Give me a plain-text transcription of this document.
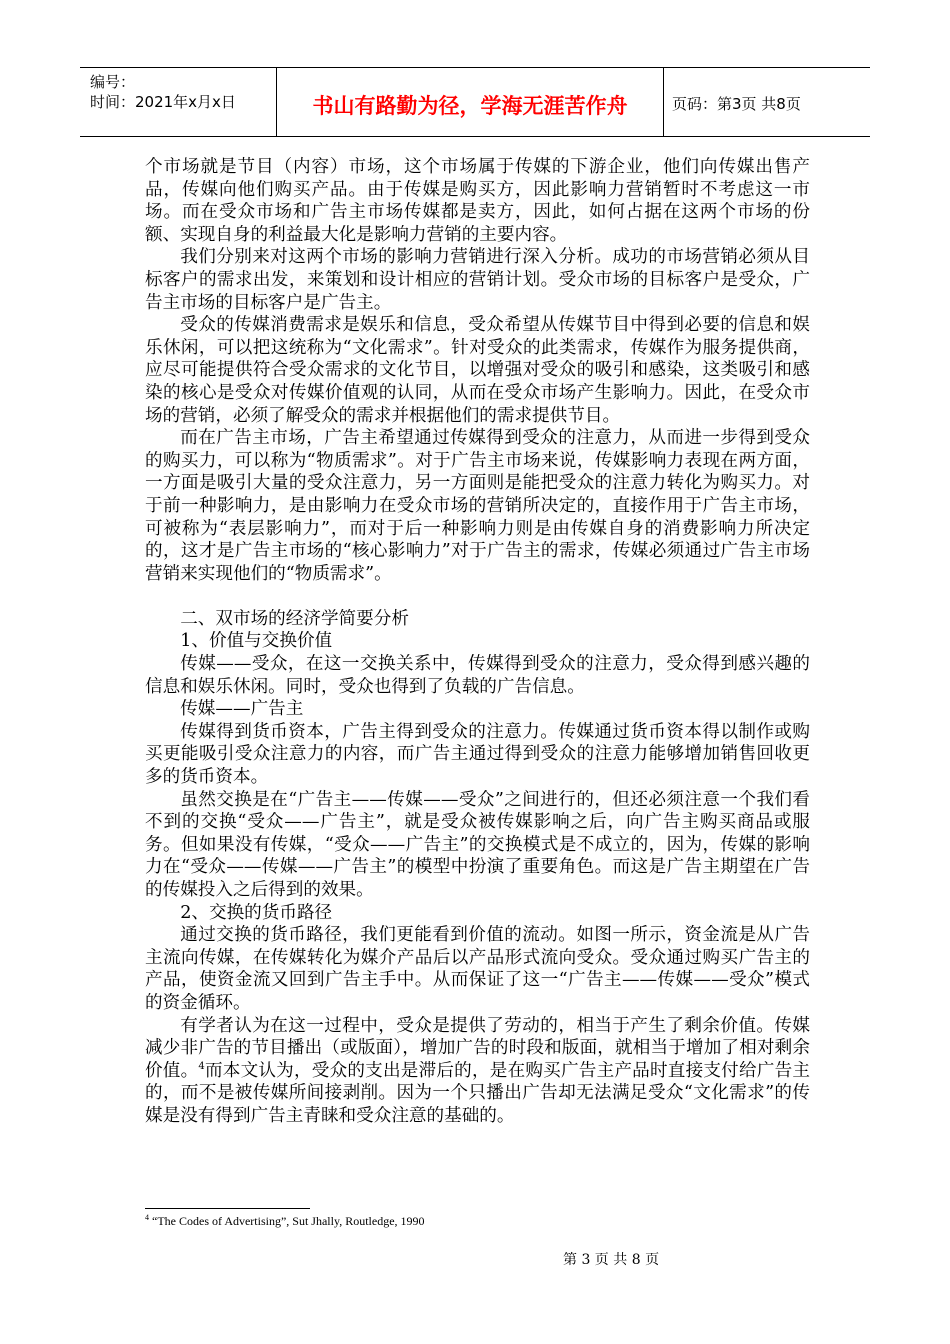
编号：
时间：2021年x月x日	书山有路勤为径，学海无涯苦作舟	页码：第3页 共8页

个市场就是节目（内容）市场，这个市场属于传媒的下游企业，他们向传媒出售产品，传媒向他们购买产品。由于传媒是购买方，因此影响力营销暂时不考虑这一市场。而在受众市场和广告主市场传媒都是卖方，因此，如何占据在这两个市场的份额、实现自身的利益最大化是影响力营销的主要内容。

我们分别来对这两个市场的影响力营销进行深入分析。成功的市场营销必须从目标客户的需求出发，来策划和设计相应的营销计划。受众市场的目标客户是受众，广告主市场的目标客户是广告主。

受众的传媒消费需求是娱乐和信息，受众希望从传媒节目中得到必要的信息和娱乐休闲，可以把这统称为“文化需求”。针对受众的此类需求，传媒作为服务提供商，应尽可能提供符合受众需求的文化节目，以增强对受众的吸引和感染，这类吸引和感染的核心是受众对传媒价值观的认同，从而在受众市场产生影响力。因此，在受众市场的营销，必须了解受众的需求并根据他们的需求提供节目。

而在广告主市场，广告主希望通过传媒得到受众的注意力，从而进一步得到受众的购买力，可以称为“物质需求”。对于广告主市场来说，传媒影响力表现在两方面，一方面是吸引大量的受众注意力，另一方面则是能把受众的注意力转化为购买力。对于前一种影响力，是由影响力在受众市场的营销所决定的，直接作用于广告主市场，可被称为“表层影响力”，而对于后一种影响力则是由传媒自身的消费影响力所决定的，这才是广告主市场的“核心影响力”对于广告主的需求，传媒必须通过广告主市场营销来实现他们的“物质需求”。

二、双市场的经济学简要分析

1、价值与交换价值

传媒——受众，在这一交换关系中，传媒得到受众的注意力，受众得到感兴趣的信息和娱乐休闲。同时，受众也得到了负载的广告信息。

传媒——广告主

传媒得到货币资本，广告主得到受众的注意力。传媒通过货币资本得以制作或购买更能吸引受众注意力的内容，而广告主通过得到受众的注意力能够增加销售回收更多的货币资本。

虽然交换是在“广告主——传媒——受众”之间进行的，但还必须注意一个我们看不到的交换“受众——广告主”，就是受众被传媒影响之后，向广告主购买商品或服务。但如果没有传媒，“受众——广告主”的交换模式是不成立的，因为，传媒的影响力在“受众——传媒——广告主”的模型中扮演了重要角色。而这是广告主期望在广告的传媒投入之后得到的效果。

2、交换的货币路径

通过交换的货币路径，我们更能看到价值的流动。如图一所示，资金流是从广告主流向传媒，在传媒转化为媒介产品后以产品形式流向受众。受众通过购买广告主的产品，使资金流又回到广告主手中。从而保证了这一“广告主——传媒——受众”模式的资金循环。

有学者认为在这一过程中，受众是提供了劳动的，相当于产生了剩余价值。传媒减少非广告的节目播出（或版面），增加广告的时段和版面，就相当于增加了相对剩余价值。$^4$而本文认为，受众的支出是滞后的，是在购买广告主产品时直接支付给广告主的，而不是被传媒所间接剥削。因为一个只播出广告却无法满足受众“文化需求”的传媒是没有得到广告主青睐和受众注意的基础的。

$^4$ “The Codes of Advertising”, Sut Jhally, Routledge, 1990
第 3 页 共 8 页
